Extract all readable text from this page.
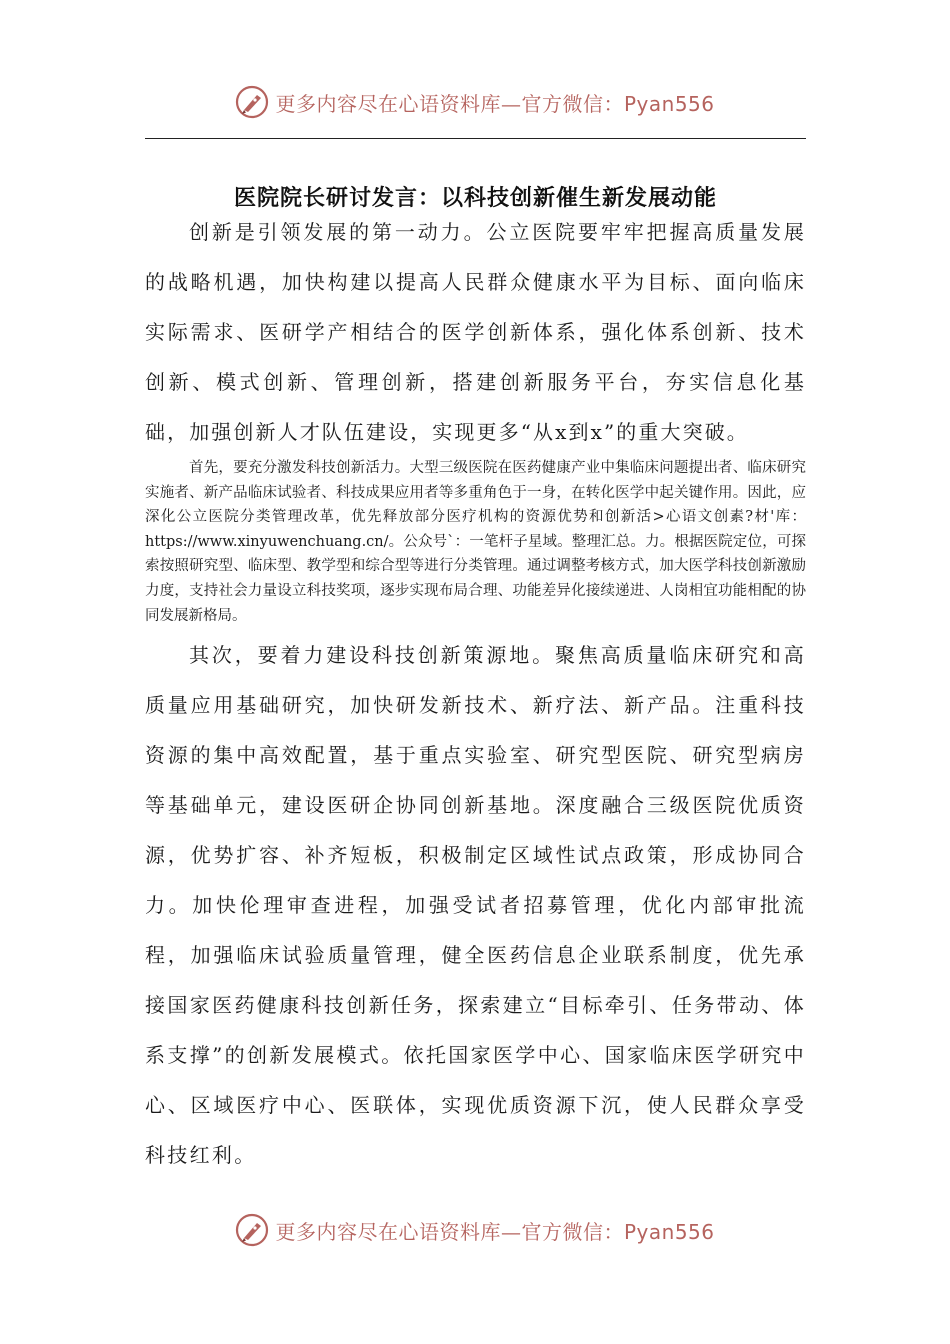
更多内容尽在心语资料库—官方微信：Pyan556
医院院长研讨发言：以科技创新催生新发展动能

创新是引领发展的第一动力。公立医院要牢牢把握高质量发展的战略机遇，加快构建以提高人民群众健康水平为目标、面向临床实际需求、医研学产相结合的医学创新体系，强化体系创新、技术创新、模式创新、管理创新，搭建创新服务平台，夯实信息化基础，加强创新人才队伍建设，实现更多“从x到x”的重大突破。

首先，要充分激发科技创新活力。大型三级医院在医药健康产业中集临床问题提出者、临床研究实施者、新产品临床试验者、科技成果应用者等多重角色于一身，在转化医学中起关键作用。因此，应深化公立医院分类管理改革，优先释放部分医疗机构的资源优势和创新活>心语文创素?材'库：https://www.xinyuwenchuang.cn/。公众号`：一笔杆子星域。整理汇总。力。根据医院定位，可探索按照研究型、临床型、教学型和综合型等进行分类管理。通过调整考核方式，加大医学科技创新激励力度，支持社会力量设立科技奖项，逐步实现布局合理、功能差异化接续递进、人岗相宜功能相配的协同发展新格局。

其次，要着力建设科技创新策源地。聚焦高质量临床研究和高质量应用基础研究，加快研发新技术、新疗法、新产品。注重科技资源的集中高效配置，基于重点实验室、研究型医院、研究型病房等基础单元，建设医研企协同创新基地。深度融合三级医院优质资源，优势扩容、补齐短板，积极制定区域性试点政策，形成协同合力。加快伦理审查进程，加强受试者招募管理，优化内部审批流程，加强临床试验质量管理，健全医药信息企业联系制度，优先承接国家医药健康科技创新任务，探索建立“目标牵引、任务带动、体系支撑”的创新发展模式。依托国家医学中心、国家临床医学研究中心、区域医疗中心、医联体，实现优质资源下沉，使人民群众享受科技红利。

更多内容尽在心语资料库—官方微信：Pyan556
